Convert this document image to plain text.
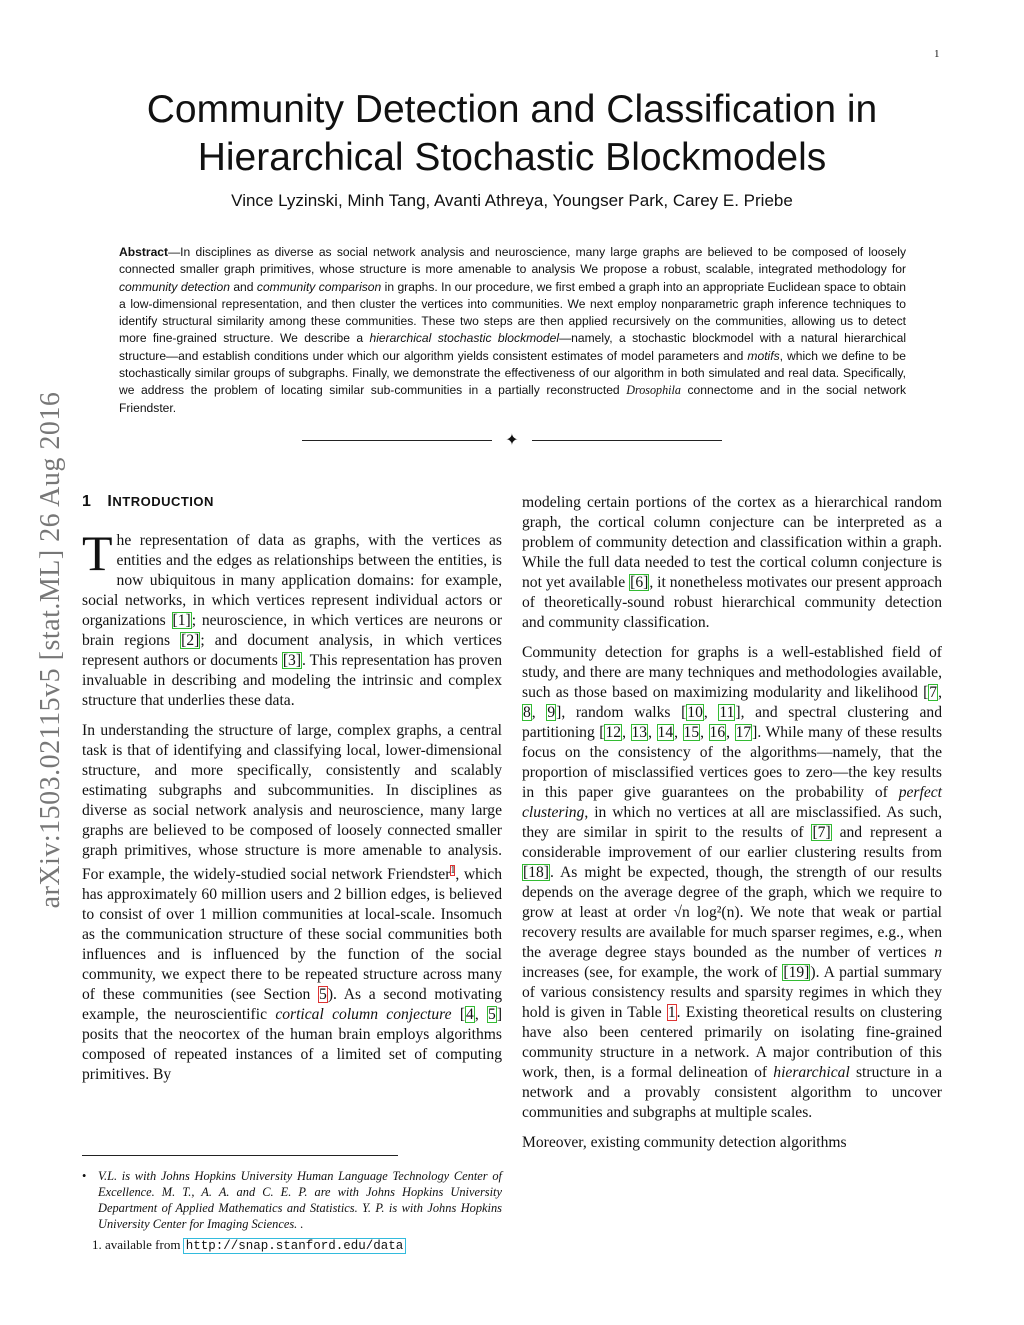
1
arXiv:1503.02115v5 [stat.ML] 26 Aug 2016
Community Detection and Classification in
Hierarchical Stochastic Blockmodels
Vince Lyzinski, Minh Tang, Avanti Athreya, Youngser Park, Carey E. Priebe
Abstract—In disciplines as diverse as social network analysis and neuroscience, many large graphs are believed to be composed of loosely connected smaller graph primitives, whose structure is more amenable to analysis We propose a robust, scalable, integrated methodology for community detection and community comparison in graphs. In our procedure, we first embed a graph into an appropriate Euclidean space to obtain a low-dimensional representation, and then cluster the vertices into communities. We next employ nonparametric graph inference techniques to identify structural similarity among these communities. These two steps are then applied recursively on the communities, allowing us to detect more fine-grained structure. We describe a hierarchical stochastic blockmodel—namely, a stochastic blockmodel with a natural hierarchical structure—and establish conditions under which our algorithm yields consistent estimates of model parameters and motifs, which we define to be stochastically similar groups of subgraphs. Finally, we demonstrate the effectiveness of our algorithm in both simulated and real data. Specifically, we address the problem of locating similar sub-communities in a partially reconstructed Drosophila connectome and in the social network Friendster.
✦
1 INTRODUCTION

The representation of data as graphs, with the vertices as entities and the edges as relationships between the entities, is now ubiquitous in many application domains: for example, social networks, in which vertices represent individual actors or organizations [1]; neuroscience, in which vertices are neurons or brain regions [2]; and document analysis, in which vertices represent authors or documents [3]. This representation has proven invaluable in describing and modeling the intrinsic and complex structure that underlies these data.

In understanding the structure of large, complex graphs, a central task is that of identifying and classifying local, lower-dimensional structure, and more specifically, consistently and scalably estimating subgraphs and subcommunities. In disciplines as diverse as social network analysis and neuroscience, many large graphs are believed to be composed of loosely connected smaller graph primitives, whose structure is more amenable to analysis. For example, the widely-studied social network Friendster$^1$, which has approximately 60 million users and 2 billion edges, is believed to consist of over 1 million communities at local-scale. Insomuch as the communication structure of these social communities both influences and is influenced by the function of the social community, we expect there to be repeated structure across many of these communities (see Section 5). As a second motivating example, the neuroscientific cortical column conjecture [4, 5] posits that the neocortex of the human brain employs algorithms composed of repeated instances of a limited set of computing primitives. By

modeling certain portions of the cortex as a hierarchical random graph, the cortical column conjecture can be interpreted as a problem of community detection and classification within a graph. While the full data needed to test the cortical column conjecture is not yet available [6], it nonetheless motivates our present approach of theoretically-sound robust hierarchical community detection and community classification.

Community detection for graphs is a well-established field of study, and there are many techniques and methodologies available, such as those based on maximizing modularity and likelihood [7, 8, 9], random walks [10, 11], and spectral clustering and partitioning [12, 13, 14, 15, 16, 17]. While many of these results focus on the consistency of the algorithms—namely, that the proportion of misclassified vertices goes to zero—the key results in this paper give guarantees on the probability of perfect clustering, in which no vertices at all are misclassified. As such, they are similar in spirit to the results of [7] and represent a considerable improvement of our earlier clustering results from [18]. As might be expected, though, the strength of our results depends on the average degree of the graph, which we require to grow at least at order √n log²(n). We note that weak or partial recovery results are available for much sparser regimes, e.g., when the average degree stays bounded as the number of vertices n increases (see, for example, the work of [19]). A partial summary of various consistency results and sparsity regimes in which they hold is given in Table 1. Existing theoretical results on clustering have also been centered primarily on isolating fine-grained community structure in a network. A major contribution of this work, then, is a formal delineation of hierarchical structure in a network and a provably consistent algorithm to uncover communities and subgraphs at multiple scales.

Moreover, existing community detection algorithms

• V.L. is with Johns Hopkins University Human Language Technology Center of Excellence. M. T., A. A. and C. E. P. are with Johns Hopkins University Department of Applied Mathematics and Statistics. Y. P. is with Johns Hopkins University Center for Imaging Sciences. .
1. available from http://snap.stanford.edu/data
